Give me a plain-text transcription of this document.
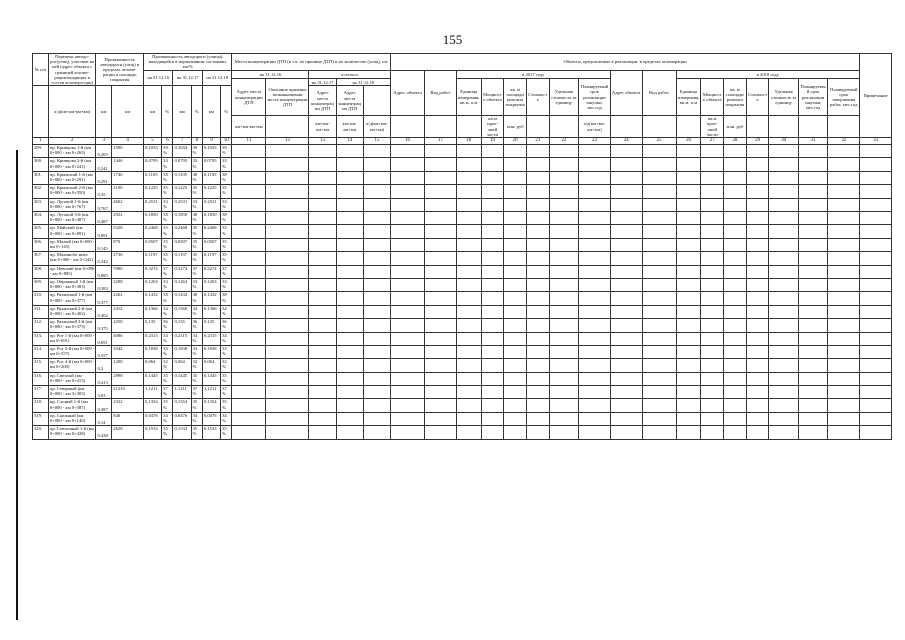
155
№ п/п	Перечень автодо-рог(улиц), участков на ней (адрес объекта с границей агломе-рации/входящих в состав агломера-ции)	Протяженность автодороги (улиц) в пределах агломе-рации и площадь покрытия		Протяженность автодороги (улицы), находящейся в нормативном состоянии, км/%						Места концентрации ДТП (в т.ч. по причине ДТП) и их количество (улиц), шт					Объекты, предлагаемые к реализации, в пределах агломерации																	Примечание
				на 31.12.16		на 31.12.17		на 31.12.18		на 31.12.16		осталось			Адрес объекта	Вид работ	в 2017 году						Адрес объекта	Вид работ	в 2018 году							
										Адрес места концентрации ДТП	Описание причины возникновения места концентрации ДТП	на 31.12.17	на 31.12.18				Единица измерения, кв.м, п.м	Мощность объекта	кв. м площади ремонта покрытия	Стоимость	Удельная стоимость за единицу	Планируемый срок реализации закупки, мес.год			Единица измерения, кв.м, п.м	Мощность объекта	кв. м площади ремонта покрытия	Стоимость	Удельная стоимость за единицу	Планируемый срок реализации закупки, мес.год	Планируемый срок завершения работ, мес.год	
	а/д(км+км-км+км)	км	км	км	%	км	%	км	%			Адрес места концентрации ДТП	Адрес места концентрации ДТП																			
										км+км-км+км		км+км-км+км	км+км-км+км	а/д(км+км-км+км)				кв.м прое-зжей части	млн. руб			а/д(км+км-км+км)				кв.м прое-зжей части	млн. руб					
1	2	3	4	5	6	7	8	9	10	11	12	13	14	15	16	17	18	19	20	21	22	23	24	25	26	27	28	29	30	31	32	33
299.	пр. Кривцова 1-й (км 0+000 - км 0+265)	0,265	1590	0,1033	39%	0,1033	39%	0,1033	39%																							
300.	пр. Кривцова 2-й (км 0+000 - км 0+241)	0,241	1446	0,0795	33%	0,0795	33%	0,0795	33%																							
301.	пр. Крымский 1-й (км 0+000 - км 0+291)	0,291	1746	0,1105	38%	0,1105	38%	0,1105	38%																							
302.	пр. Крымский 2-й (км 0+000 - км 0+350)	0,35	2100	0,1225	35%	0,1225	35%	0,1225	35%																							
303.	пр. Луговой 1-й (км 0+000 - км 0+767)	0,767	4602	0,2531	33%	0,2531	33%	0,2531	33%																							
304.	пр. Луговой 3-й (км 0+000 - км 0+487)	0,487	2922	0,1850	38%	0,1850	38%	0,1850	38%																							
305.	пр. Майский (км 0+000 - км 0+891)	0,891	5328	0,2468	35%	0,2468	35%	0,2468	35%																							
306.	пр. Малый (км 0+000 - км 0+145)	0,145	870	0,0507	35%	0,0507	35%	0,0507	35%																							
307.	пр. Малинобо-нига (км 0+000 - км 0+342)	0,342	2736	0,1197	35%	0,1197	35%	0,1197	35%																							
308.	пр. Невский (км 0+000 - км 0+885)	0,885	7080	0,3274	37%	0,3274	37%	0,3274	37%																							
309.	пр. Овражный 1-й (км 0+000 - км 0+383)	0,383	2298	0,1263	33%	0,1263	33%	0,1263	33%																							
310.	пр. Рязанский 1-й (км 0+000 - км 0+377)	0,377	2262	0,1432	38%	0,1432	38%	0,1432	38%																							
311.	пр. Рязанский 2-й (км 0+000 - км 0+402)	0,402	2412	0,1366	34%	0,1366	34%	0,1366	34%																							
312.	пр. Рязанский 3-й (км 0+000 - км 0+375)	0,375	2250	0,135	36%	0,135	36%	0,135	36%																							
313.	пр. Рот 1-й (км 0+000 - км 0+691)	0,691	4086	0,2315	34%	0,2315	34%	0,2315	34%																							
314.	пр. Рот 3-й (км 0+000 - км 0+557)	0,557	3342	0,1838	33%	0,1838	33%	0,1838	33%																							
315.	пр. Рот 4-й (км 0+000 - км 0+200)	0,2	1200	0,064	32%	0,064	32%	0,064	32%																							
316.	пр. Светлый (км 0+000 - км 0+413)	0,413	2898	0,1445	35%	0,1445	35%	0,1445	35%																							
317.	пр. Северный (км 0+000 - км 3+303)	3,03	21210	1,1211	37%	1,1211	37%	1,1211	37%																							
318.	пр. Слоный 1-й (км 0+000 - км 0+387)	0,387	2322	0,1354	35%	0,1354	35%	0,1354	35%																							
319.	пр. Снежный (км 0+000 - км 0+140)	0,14	840	0,0476	34%	0,0476	34%	0,0476	34%																							
320.	пр. Совхозный 1-й (км 0+000 - км 0+438)	0,438	2628	0,1533	35%	0,1533	35%	0,1533	35%																							
